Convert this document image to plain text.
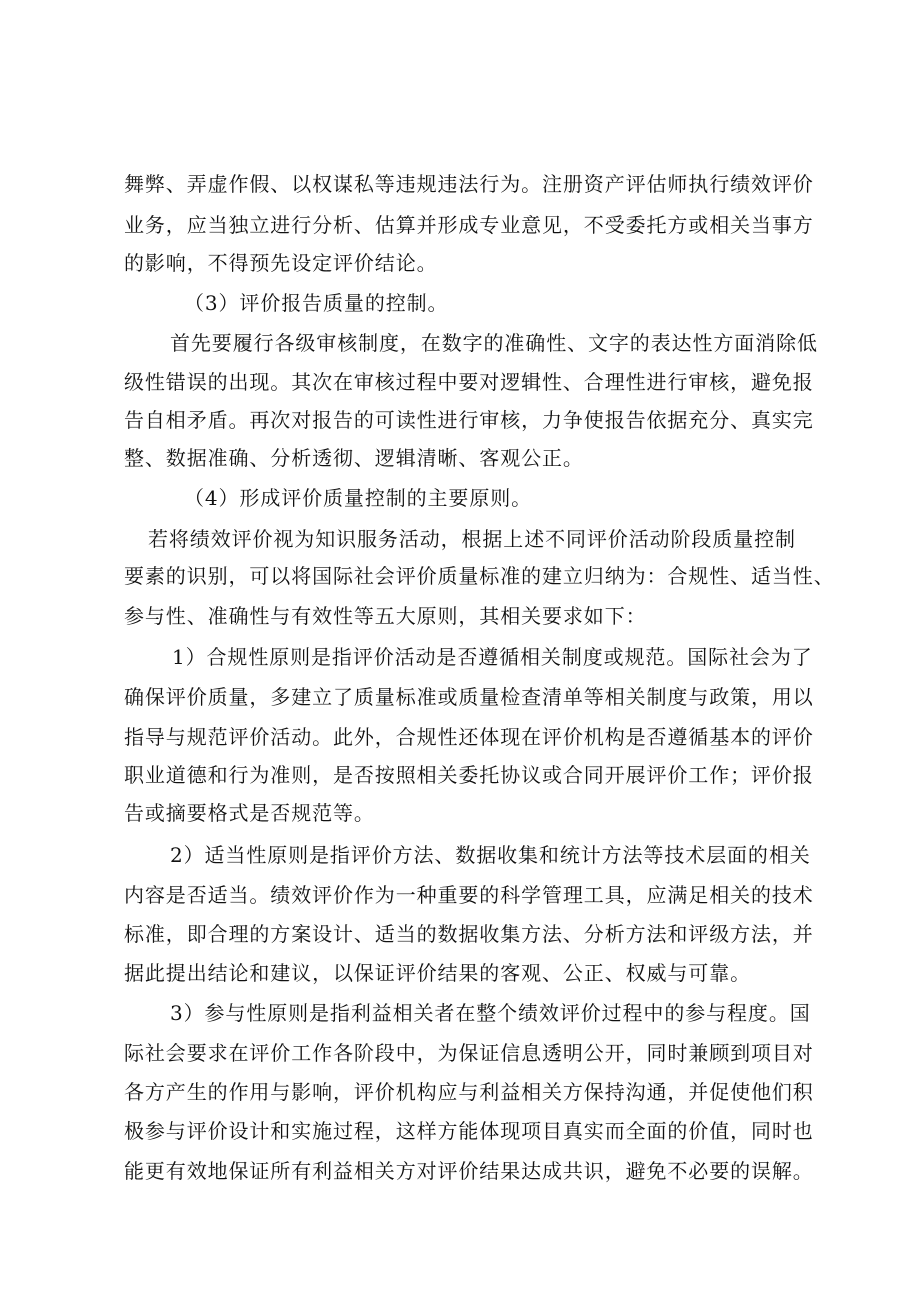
舞弊、弄虚作假、以权谋私等违规违法行为。注册资产评估师执行绩效评价
业务，应当独立进行分析、估算并形成专业意见，不受委托方或相关当事方
的影响，不得预先设定评价结论。
（3）评价报告质量的控制。
首先要履行各级审核制度，在数字的准确性、文字的表达性方面消除低
级性错误的出现。其次在审核过程中要对逻辑性、合理性进行审核，避免报
告自相矛盾。再次对报告的可读性进行审核，力争使报告依据充分、真实完
整、数据准确、分析透彻、逻辑清晰、客观公正。
（4）形成评价质量控制的主要原则。
若将绩效评价视为知识服务活动，根据上述不同评价活动阶段质量控制
要素的识别，可以将国际社会评价质量标准的建立归纳为：合规性、适当性、
参与性、准确性与有效性等五大原则，其相关要求如下：
1）合规性原则是指评价活动是否遵循相关制度或规范。国际社会为了
确保评价质量，多建立了质量标准或质量检查清单等相关制度与政策，用以
指导与规范评价活动。此外，合规性还体现在评价机构是否遵循基本的评价
职业道德和行为准则，是否按照相关委托协议或合同开展评价工作；评价报
告或摘要格式是否规范等。
2）适当性原则是指评价方法、数据收集和统计方法等技术层面的相关
内容是否适当。绩效评价作为一种重要的科学管理工具，应满足相关的技术
标准，即合理的方案设计、适当的数据收集方法、分析方法和评级方法，并
据此提出结论和建议，以保证评价结果的客观、公正、权威与可靠。
3）参与性原则是指利益相关者在整个绩效评价过程中的参与程度。国
际社会要求在评价工作各阶段中，为保证信息透明公开，同时兼顾到项目对
各方产生的作用与影响，评价机构应与利益相关方保持沟通，并促使他们积
极参与评价设计和实施过程，这样方能体现项目真实而全面的价值，同时也
能更有效地保证所有利益相关方对评价结果达成共识，避免不必要的误解。
